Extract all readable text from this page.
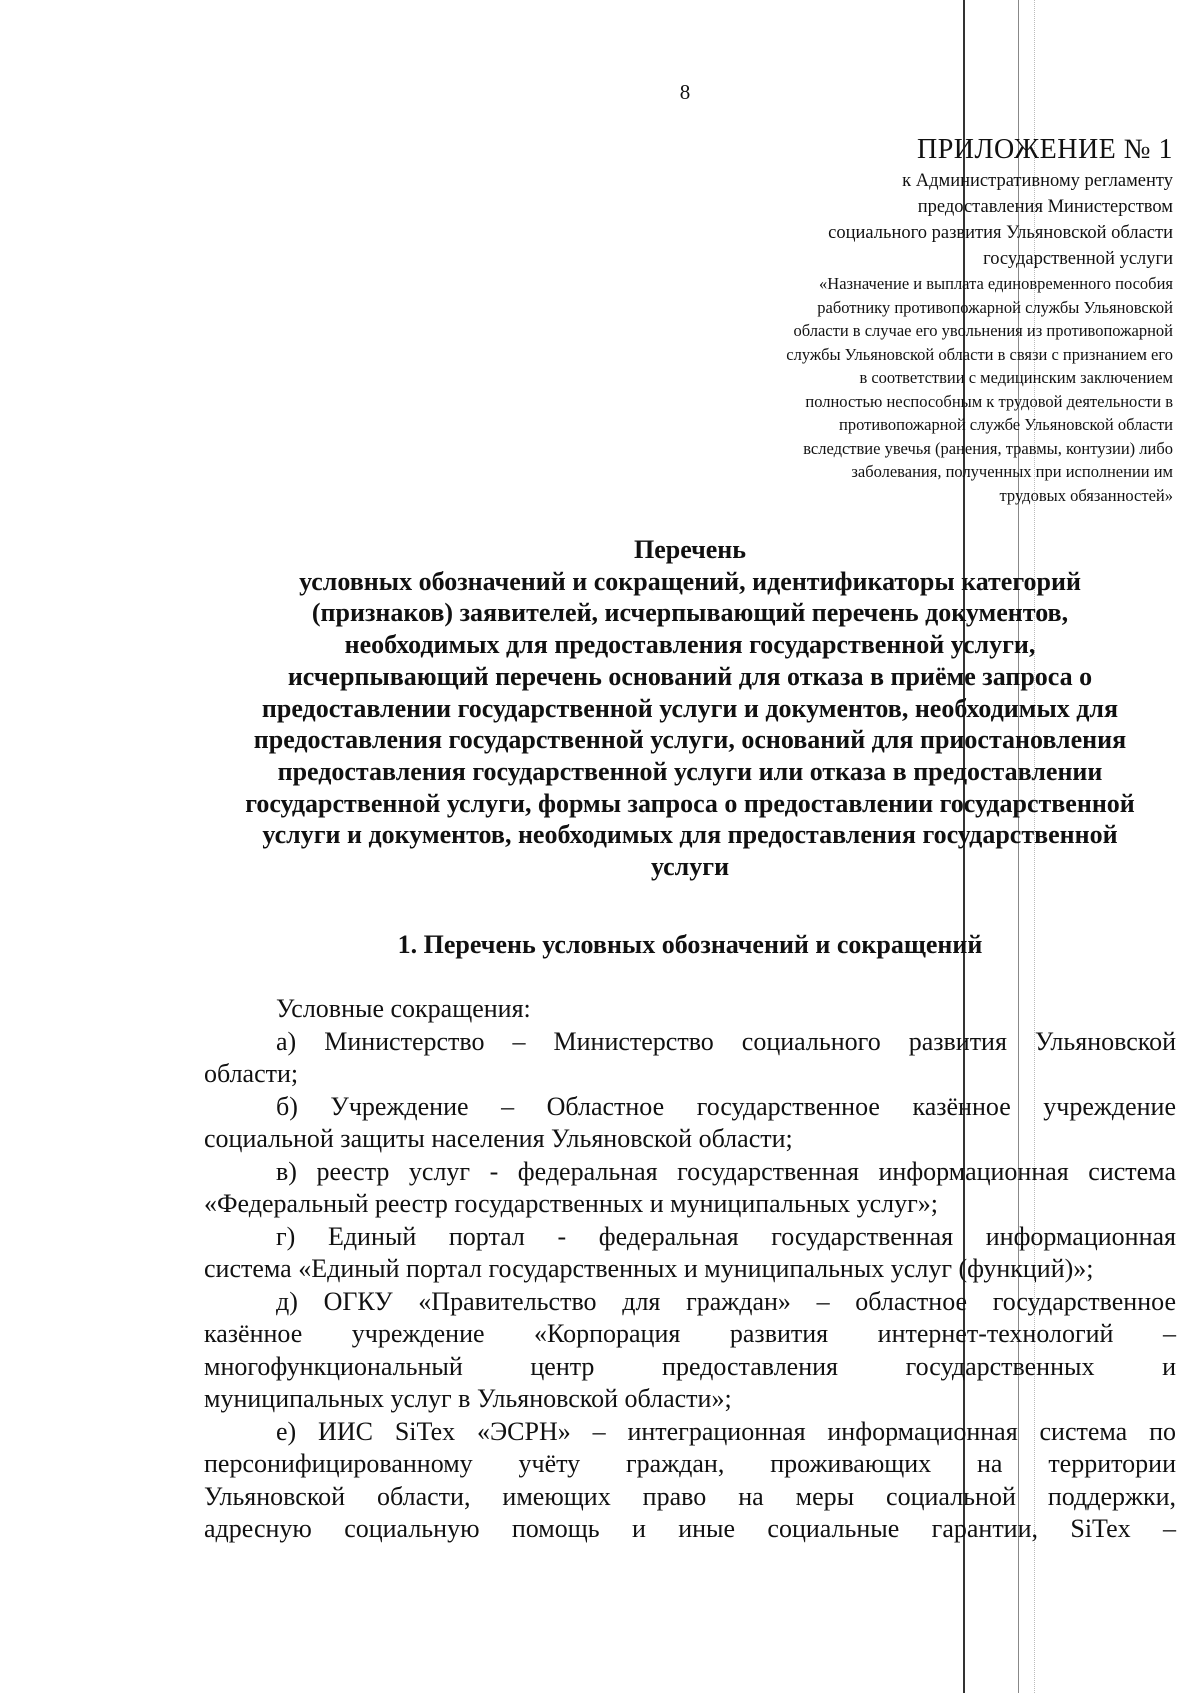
8
ПРИЛОЖЕНИЕ № 1
к Административному регламенту
предоставления Министерством
социального развития Ульяновской области
государственной услуги
«Назначение и выплата единовременного пособия
работнику противопожарной службы Ульяновской
области в случае его увольнения из противопожарной
службы Ульяновской области в связи с признанием его
в соответствии с медицинским заключением
полностью неспособным к трудовой деятельности в
противопожарной службе Ульяновской области
вследствие увечья (ранения, травмы, контузии) либо
заболевания, полученных при исполнении им
трудовых обязанностей»
Перечень
условных обозначений и сокращений, идентификаторы категорий
(признаков) заявителей, исчерпывающий перечень документов,
необходимых для предоставления государственной услуги,
исчерпывающий перечень оснований для отказа в приёме запроса о
предоставлении государственной услуги и документов, необходимых для
предоставления государственной услуги, оснований для приостановления
предоставления государственной услуги или отказа в предоставлении
государственной услуги, формы запроса о предоставлении государственной
услуги и документов, необходимых для предоставления государственной
услуги
1. Перечень условных обозначений и сокращений
Условные сокращения:
а) Министерство – Министерство социального развития Ульяновской
области;
б) Учреждение – Областное государственное казённое учреждение
социальной защиты населения Ульяновской области;
в) реестр услуг - федеральная государственная информационная система
«Федеральный реестр государственных и муниципальных услуг»;
г) Единый портал - федеральная государственная информационная
система «Единый портал государственных и муниципальных услуг (функций)»;
д) ОГКУ «Правительство для граждан» – областное государственное
казённое учреждение «Корпорация развития интернет-технологий –
многофункциональный центр предоставления государственных и
муниципальных услуг в Ульяновской области»;
е) ИИС SiTex «ЭСРН» – интеграционная информационная система по
персонифицированному учёту граждан, проживающих на территории
Ульяновской области, имеющих право на меры социальной поддержки,
адресную социальную помощь и иные социальные гарантии, SiTex –
